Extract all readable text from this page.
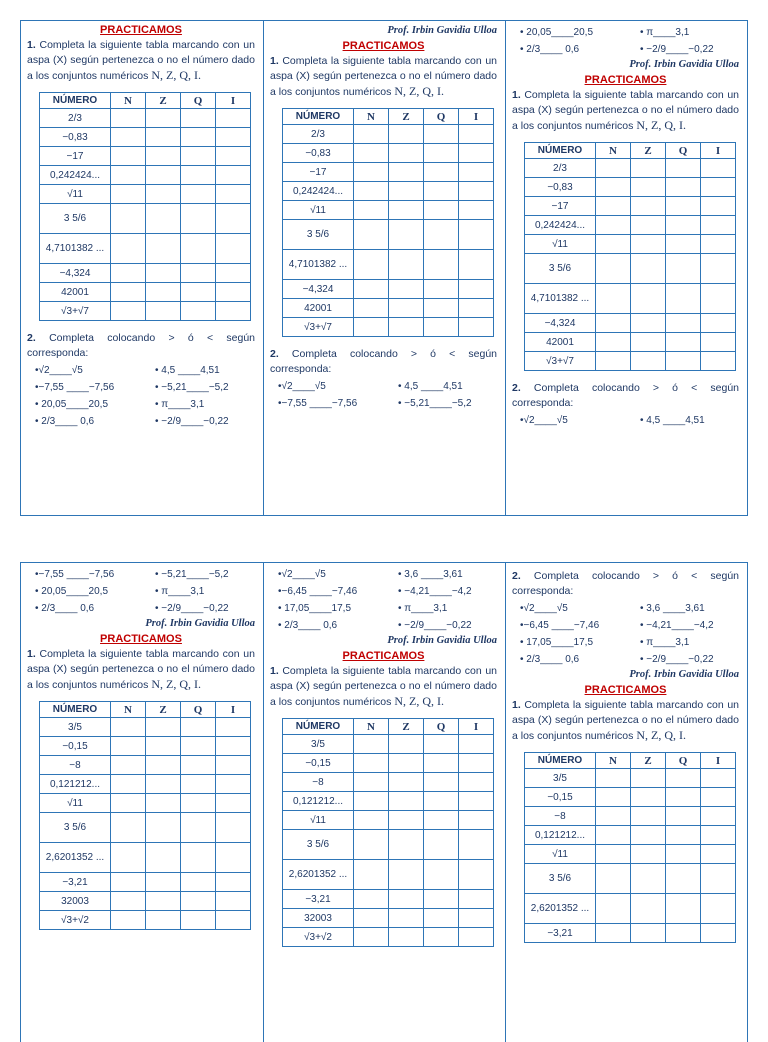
PRACTICAMOS

1. Completa la siguiente tabla marcando con un aspa (X) según pertenezca o no el número dado a los conjuntos numéricos N, Z, Q, I.

NÚMERO	N	Z	Q	I
2/3				
−0,83				
−17				
0,242424...				
√11				
3 5/6				
4,7101382 ...				
−4,324				
42001				
√3+√7				

2. Completa colocando > ó < según corresponda:

•√2____√5	• 4,5 ____4,51
•−7,55 ____−7,56	• −5,21____−5,2
• 20,05____20,5	• π____3,1
• 2/3____ 0,6	• −2/9____−0,22
Prof. Irbin Gavidia Ulloa
PRACTICAMOS

1. Completa la siguiente tabla marcando con un aspa (X) según pertenezca o no el número dado a los conjuntos numéricos N, Z, Q, I.

NÚMERO	N	Z	Q	I
2/3				
−0,83				
−17				
0,242424...				
√11				
3 5/6				
4,7101382 ...				
−4,324				
42001				
√3+√7				

2. Completa colocando > ó < según corresponda:

•√2____√5	• 4,5 ____4,51
•−7,55 ____−7,56	• −5,21____−5,2
• 20,05____20,5	• π____3,1
• 2/3____ 0,6	• −2/9____−0,22
Prof. Irbin Gavidia Ulloa
PRACTICAMOS

1. Completa la siguiente tabla marcando con un aspa (X) según pertenezca o no el número dado a los conjuntos numéricos N, Z, Q, I.

NÚMERO	N	Z	Q	I
2/3				
−0,83				
−17				
0,242424...				
√11				
3 5/6				
4,7101382 ...				
−4,324				
42001				
√3+√7				

2. Completa colocando > ó < según corresponda:

•√2____√5	• 4,5 ____4,51
•−7,55 ____−7,56	• −5,21____−5,2
• 20,05____20,5	• π____3,1
• 2/3____ 0,6	• −2/9____−0,22
Prof. Irbin Gavidia Ulloa
PRACTICAMOS

1. Completa la siguiente tabla marcando con un aspa (X) según pertenezca o no el número dado a los conjuntos numéricos N, Z, Q, I.

NÚMERO	N	Z	Q	I
3/5				
−0,15				
−8				
0,121212...				
√11				
3 5/6				
2,6201352 ...				
−3,21				
32003				
√3+√2				
•√2____√5	• 3,6 ____3,61
•−6,45 ____−7,46	• −4,21____−4,2
• 17,05____17,5	• π____3,1
• 2/3____ 0,6	• −2/9____−0,22
Prof. Irbin Gavidia Ulloa
PRACTICAMOS

1. Completa la siguiente tabla marcando con un aspa (X) según pertenezca o no el número dado a los conjuntos numéricos N, Z, Q, I.

NÚMERO	N	Z	Q	I
3/5				
−0,15				
−8				
0,121212...				
√11				
3 5/6				
2,6201352 ...				
−3,21				
32003				
√3+√2				

2. Completa colocando > ó < según corresponda:

•√2____√5	• 3,6 ____3,61
•−6,45 ____−7,46	• −4,21____−4,2
• 17,05____17,5	• π____3,1
• 2/3____ 0,6	• −2/9____−0,22
Prof. Irbin Gavidia Ulloa
PRACTICAMOS

1. Completa la siguiente tabla marcando con un aspa (X) según pertenezca o no el número dado a los conjuntos numéricos N, Z, Q, I.

NÚMERO	N	Z	Q	I
3/5				
−0,15				
−8				
0,121212...				
√11				
3 5/6				
2,6201352 ...				
−3,21				
